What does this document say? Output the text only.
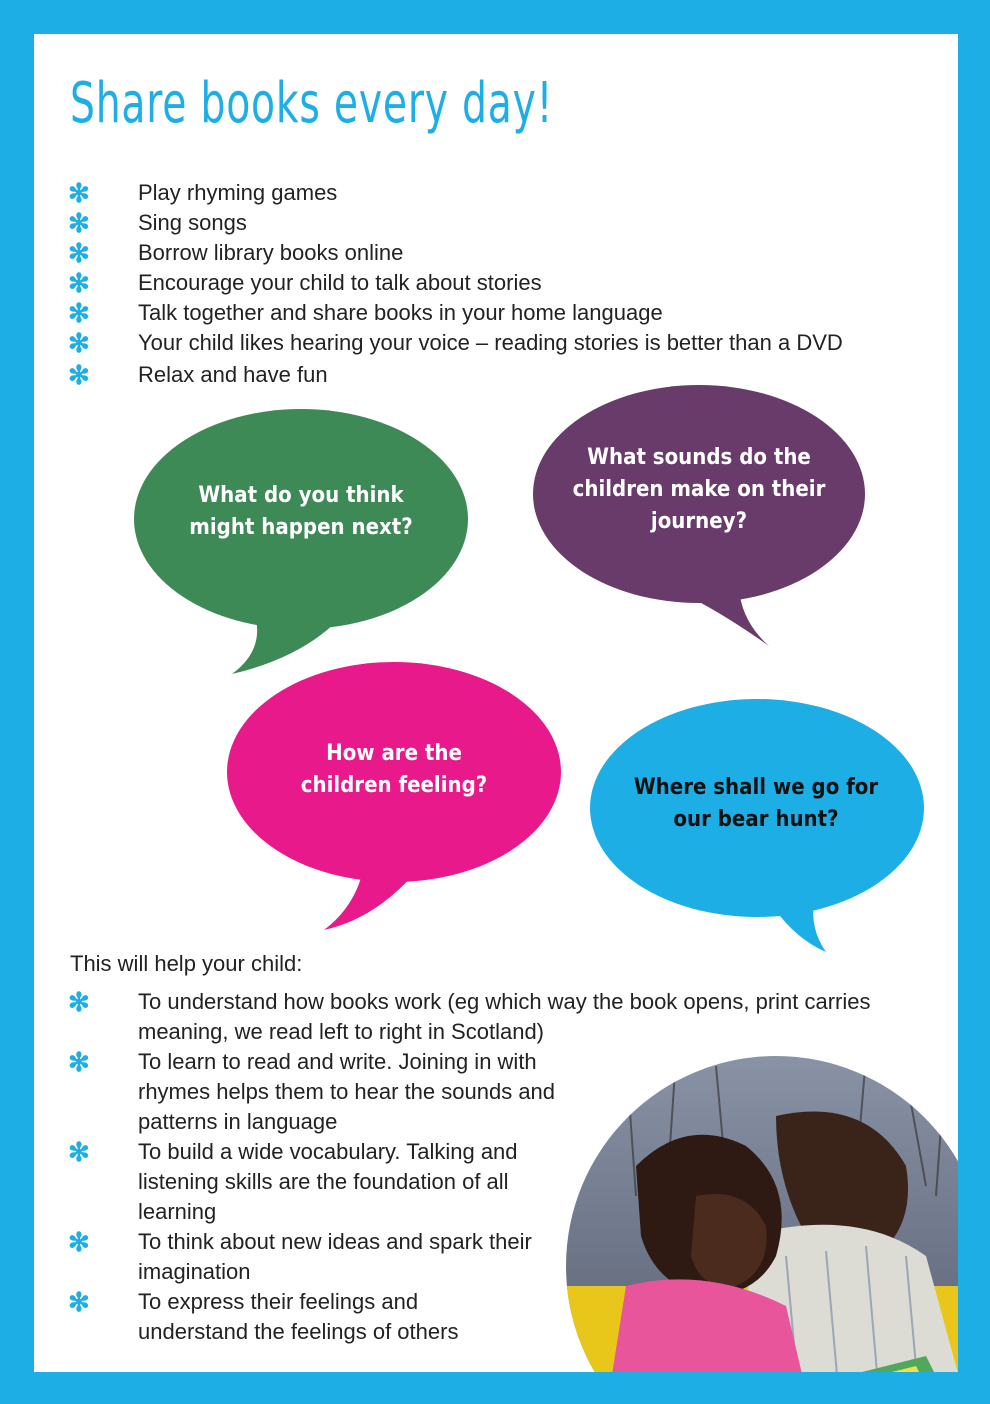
Share books every day!
✻ Play rhyming games
✻ Sing songs
✻ Borrow library books online
✻ Encourage your child to talk about stories
✻ Talk together and share books in your home language
✻ Your child likes hearing your voice – reading stories is better than a DVD
✻ Relax and have fun
What do you think
might happen next?
What sounds do the
children make on their
journey?
How are the
children feeling?	Where shall we go for
our bear hunt?
This will help your child:
✻ To understand how books work (eg which way the book opens, print carries meaning, we read left to right in Scotland)
✻ To learn to read and write. Joining in with rhymes helps them to hear the sounds and patterns in language
✻ To build a wide vocabulary. Talking and listening skills are the foundation of all learning
✻ To think about new ideas and spark their imagination
✻ To express their feelings and understand the feelings of others
